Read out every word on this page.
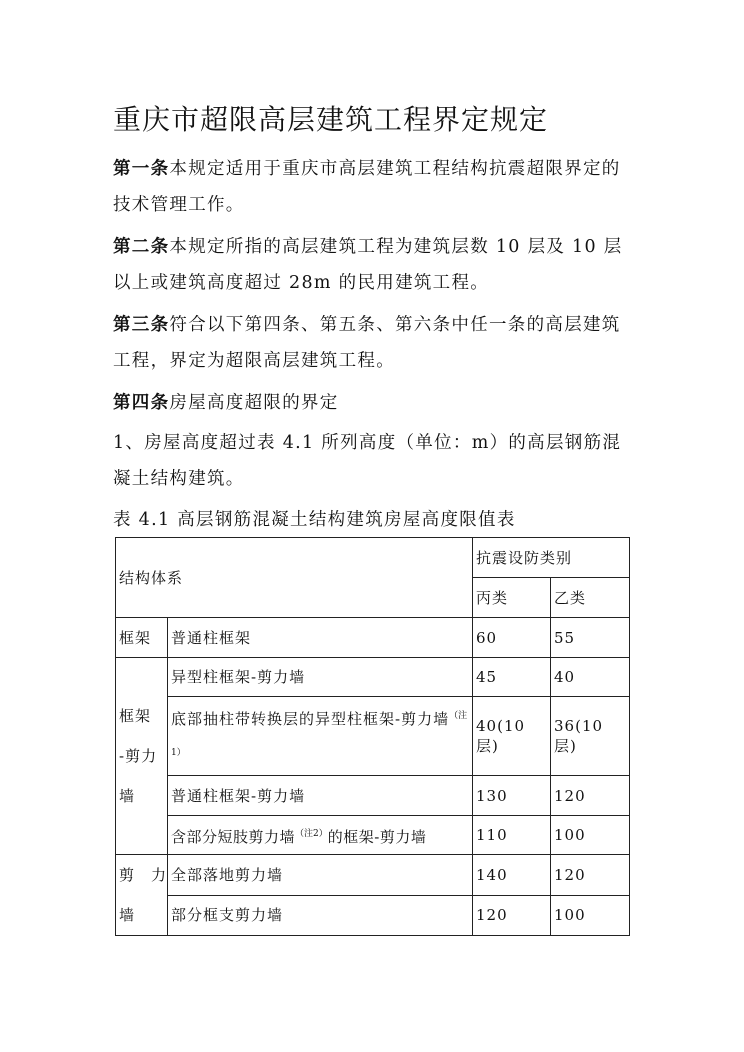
重庆市超限高层建筑工程界定规定
第一条本规定适用于重庆市高层建筑工程结构抗震超限界定的技术管理工作。
第二条本规定所指的高层建筑工程为建筑层数 10 层及 10 层以上或建筑高度超过 28m 的民用建筑工程。
第三条符合以下第四条、第五条、第六条中任一条的高层建筑工程，界定为超限高层建筑工程。
第四条房屋高度超限的界定
1、房屋高度超过表 4.1 所列高度（单位：m）的高层钢筋混凝土结构建筑。
表 4.1 高层钢筋混凝土结构建筑房屋高度限值表
结构体系		抗震设防类别	
		丙类	乙类
框架	普通柱框架	60	55

框架
-剪力
墙	异型柱框架-剪力墙	45	40
	底部抽柱带转换层的异型柱框架-剪力墙$^{(注1)}$	40(10 层)	36(10 层)
	普通柱框架-剪力墙	130	120
	含部分短肢剪力墙$^{(注2)}$的框架-剪力墙	110	100

剪　力
墙	全部落地剪力墙	140	120
	部分框支剪力墙	120	100
